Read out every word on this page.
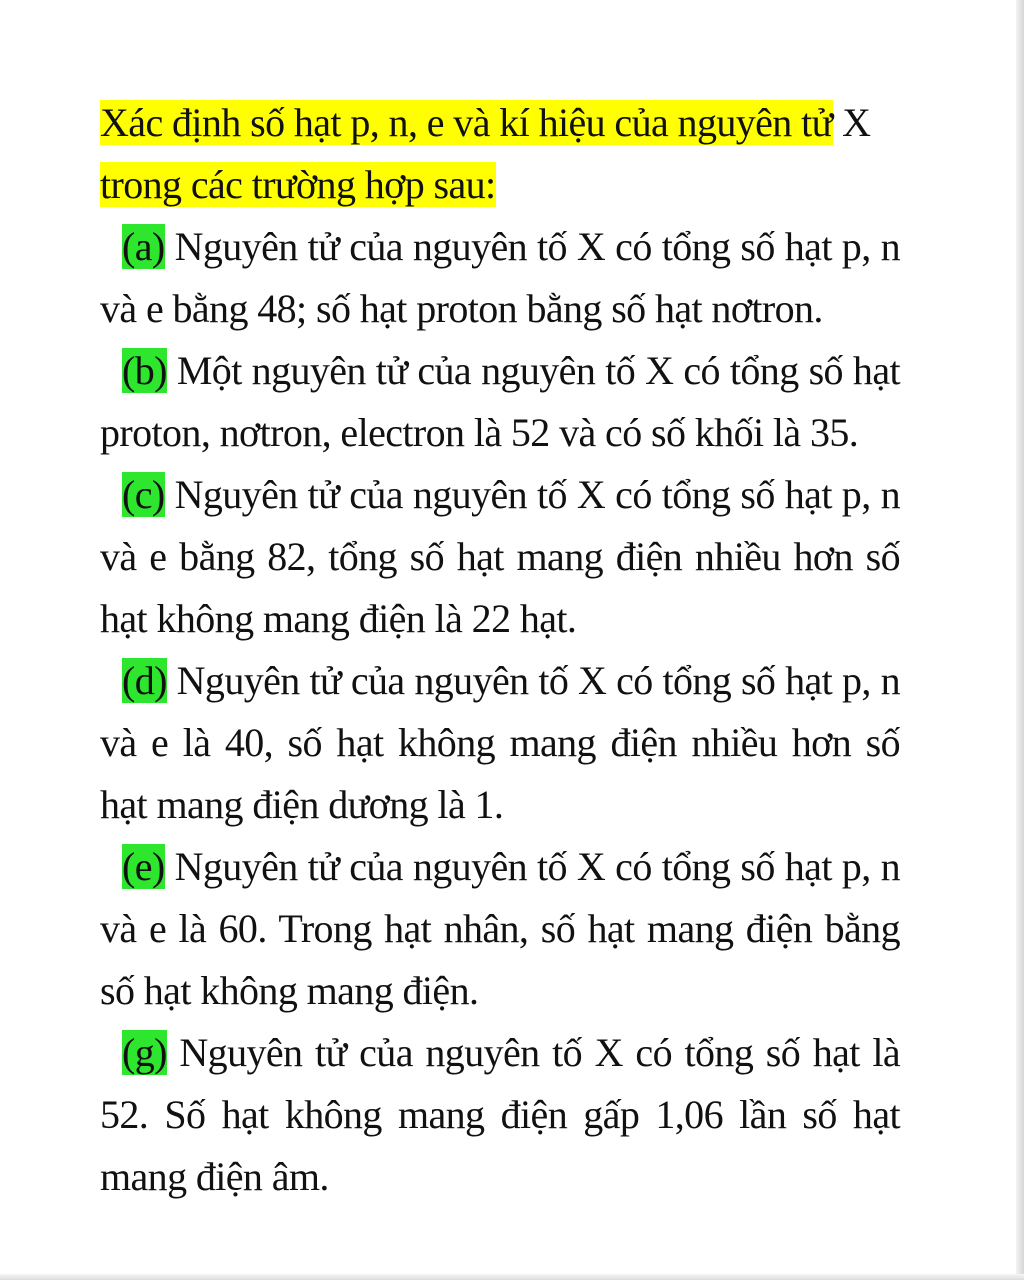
Xác định số hạt p, n, e và kí hiệu của nguyên tử X
trong các trường hợp sau:

(a) Nguyên tử của nguyên tố X có tổng số hạt p, n và e bằng 48; số hạt proton bằng số hạt nơtron.

(b) Một nguyên tử của nguyên tố X có tổng số hạt proton, nơtron, electron là 52 và có số khối là 35.

(c) Nguyên tử của nguyên tố X có tổng số hạt p, n và e bằng 82, tổng số hạt mang điện nhiều hơn số hạt không mang điện là 22 hạt.

(d) Nguyên tử của nguyên tố X có tổng số hạt p, n và e là 40, số hạt không mang điện nhiều hơn số hạt mang điện dương là 1.

(e) Nguyên tử của nguyên tố X có tổng số hạt p, n và e là 60. Trong hạt nhân, số hạt mang điện bằng số hạt không mang điện.

(g) Nguyên tử của nguyên tố X có tổng số hạt là 52. Số hạt không mang điện gấp 1,06 lần số hạt mang điện âm.
